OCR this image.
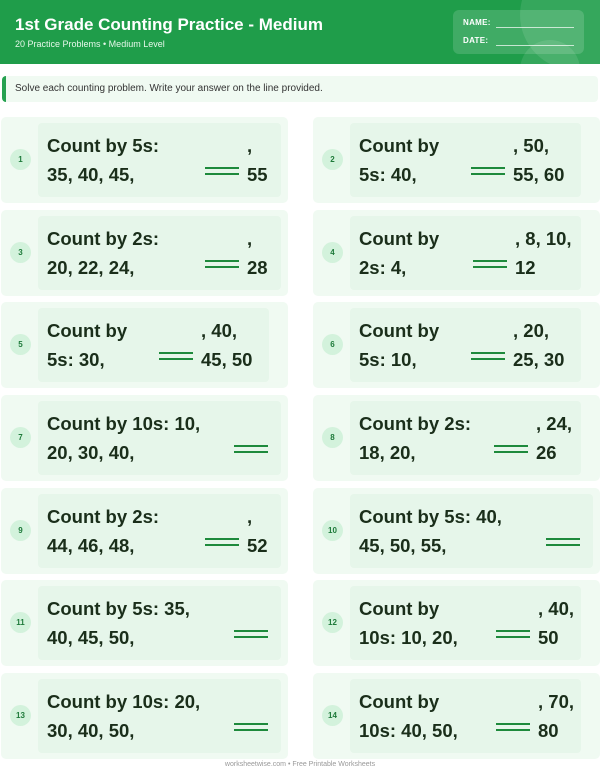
1st Grade Counting Practice - Medium
20 Practice Problems • Medium Level
NAME:
DATE:
Solve each counting problem. Write your answer on the line provided.
1
Count by 5s:
35, 40, 45,
,
55
2
Count by
5s: 40,
, 50,
55, 60
3
Count by 2s:
20, 22, 24,
,
28
4
Count by
2s: 4,
, 8, 10,
12
5
Count by
5s: 30,
, 40,
45, 50
6
Count by
5s: 10,
, 20,
25, 30
7
Count by 10s: 10,
20, 30, 40,
8
Count by 2s:
18, 20,
, 24,
26
9
Count by 2s:
44, 46, 48,
,
52
10
Count by 5s: 40,
45, 50, 55,
11
Count by 5s: 35,
40, 45, 50,
12
Count by
10s: 10, 20,
, 40,
50
13
Count by 10s: 20,
30, 40, 50,
14
Count by
10s: 40, 50,
, 70,
80
worksheetwise.com • Free Printable Worksheets
